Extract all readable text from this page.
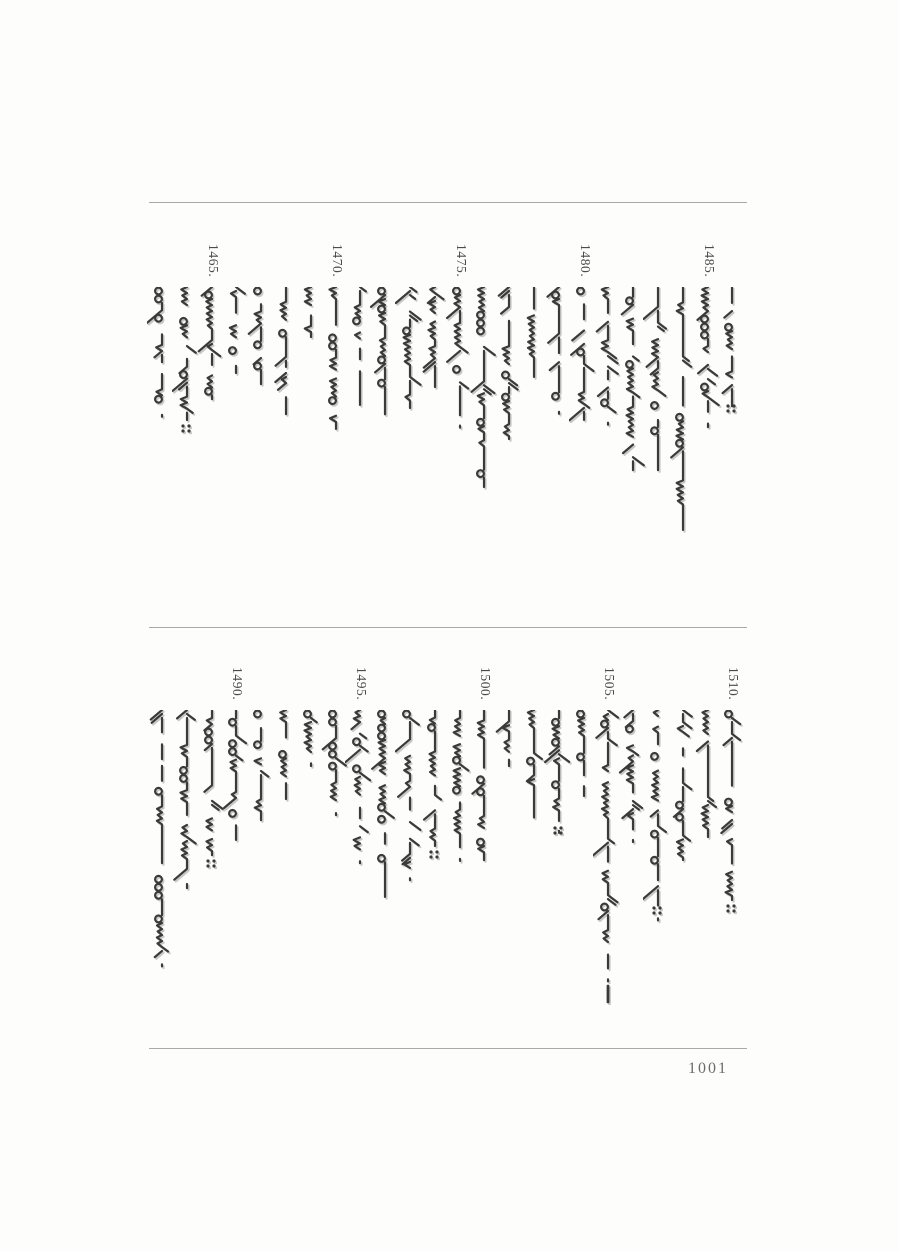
1465.	1470.	1475.	1480.	1485.
1490.	1495.	1500.	1505.	1510.
1001
